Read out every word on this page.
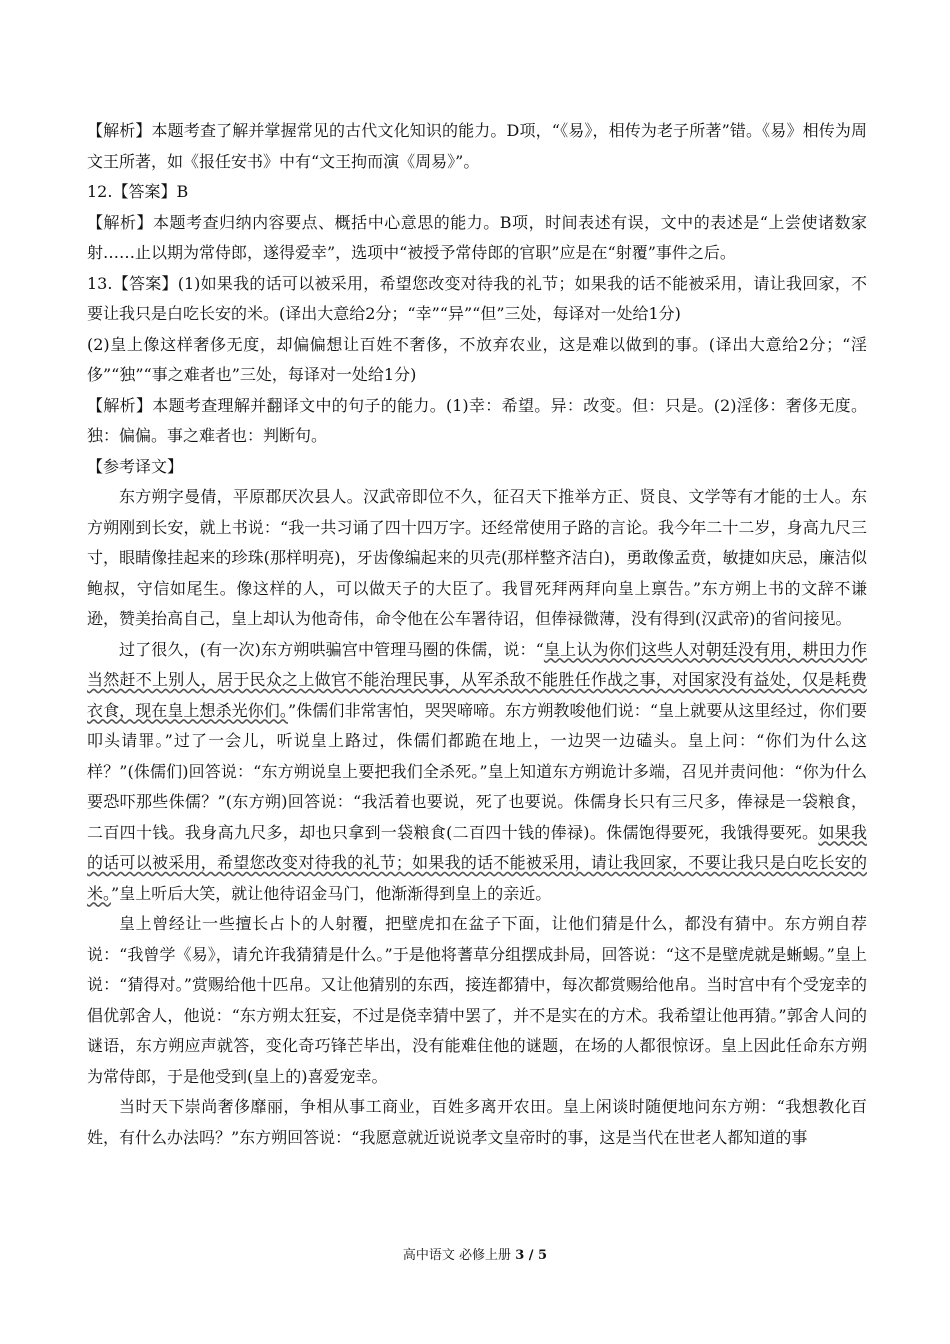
【解析】本题考查了解并掌握常见的古代文化知识的能力。D项，“《易》，相传为老子所著”错。《易》相传为周文王所著，如《报任安书》中有“文王拘而演《周易》”。

12.【答案】B

【解析】本题考查归纳内容要点、概括中心意思的能力。B项，时间表述有误，文中的表述是“上尝使诸数家射……止以期为常侍郎，遂得爱幸”，选项中“被授予常侍郎的官职”应是在“射覆”事件之后。

13.【答案】(1)如果我的话可以被采用，希望您改变对待我的礼节；如果我的话不能被采用，请让我回家，不要让我只是白吃长安的米。(译出大意给2分；“幸”“异”“但”三处，每译对一处给1分)

(2)皇上像这样奢侈无度，却偏偏想让百姓不奢侈，不放弃农业，这是难以做到的事。(译出大意给2分；“淫侈”“独”“事之难者也”三处，每译对一处给1分)

【解析】本题考查理解并翻译文中的句子的能力。(1)幸：希望。异：改变。但：只是。(2)淫侈：奢侈无度。独：偏偏。事之难者也：判断句。

【参考译文】

东方朔字曼倩，平原郡厌次县人。汉武帝即位不久，征召天下推举方正、贤良、文学等有才能的士人。东方朔刚到长安，就上书说：“我一共习诵了四十四万字。还经常使用子路的言论。我今年二十二岁，身高九尺三寸，眼睛像挂起来的珍珠(那样明亮)，牙齿像编起来的贝壳(那样整齐洁白)，勇敢像孟贲，敏捷如庆忌，廉洁似鲍叔，守信如尾生。像这样的人，可以做天子的大臣了。我冒死拜两拜向皇上禀告。”东方朔上书的文辞不谦逊，赞美抬高自己，皇上却认为他奇伟，命令他在公车署待诏，但俸禄微薄，没有得到(汉武帝)的省问接见。

过了很久，(有一次)东方朔哄骗宫中管理马圈的侏儒，说：“皇上认为你们这些人对朝廷没有用，耕田力作当然赶不上别人，居于民众之上做官不能治理民事，从军杀敌不能胜任作战之事，对国家没有益处，仅是耗费衣食，现在皇上想杀光你们。”侏儒们非常害怕，哭哭啼啼。东方朔教唆他们说：“皇上就要从这里经过，你们要叩头请罪。”过了一会儿，听说皇上路过，侏儒们都跪在地上，一边哭一边磕头。皇上问：“你们为什么这样？”(侏儒们)回答说：“东方朔说皇上要把我们全杀死。”皇上知道东方朔诡计多端，召见并责问他：“你为什么要恐吓那些侏儒？”(东方朔)回答说：“我活着也要说，死了也要说。侏儒身长只有三尺多，俸禄是一袋粮食，二百四十钱。我身高九尺多，却也只拿到一袋粮食(二百四十钱的俸禄)。侏儒饱得要死，我饿得要死。如果我的话可以被采用，希望您改变对待我的礼节；如果我的话不能被采用，请让我回家，不要让我只是白吃长安的米。”皇上听后大笑，就让他待诏金马门，他渐渐得到皇上的亲近。

皇上曾经让一些擅长占卜的人射覆，把壁虎扣在盆子下面，让他们猜是什么，都没有猜中。东方朔自荐说：“我曾学《易》，请允许我猜猜是什么。”于是他将蓍草分组摆成卦局，回答说：“这不是壁虎就是蜥蜴。”皇上说：“猜得对。”赏赐给他十匹帛。又让他猜别的东西，接连都猜中，每次都赏赐给他帛。当时宫中有个受宠幸的倡优郭舍人，他说：“东方朔太狂妄，不过是侥幸猜中罢了，并不是实在的方术。我希望让他再猜。”郭舍人问的谜语，东方朔应声就答，变化奇巧锋芒毕出，没有能难住他的谜题，在场的人都很惊讶。皇上因此任命东方朔为常侍郎，于是他受到(皇上的)喜爱宠幸。

当时天下崇尚奢侈靡丽，争相从事工商业，百姓多离开农田。皇上闲谈时随便地问东方朔：“我想教化百姓，有什么办法吗？”东方朔回答说：“我愿意就近说说孝文皇帝时的事，这是当代在世老人都知道的事

高中语文 必修上册 3 / 5
